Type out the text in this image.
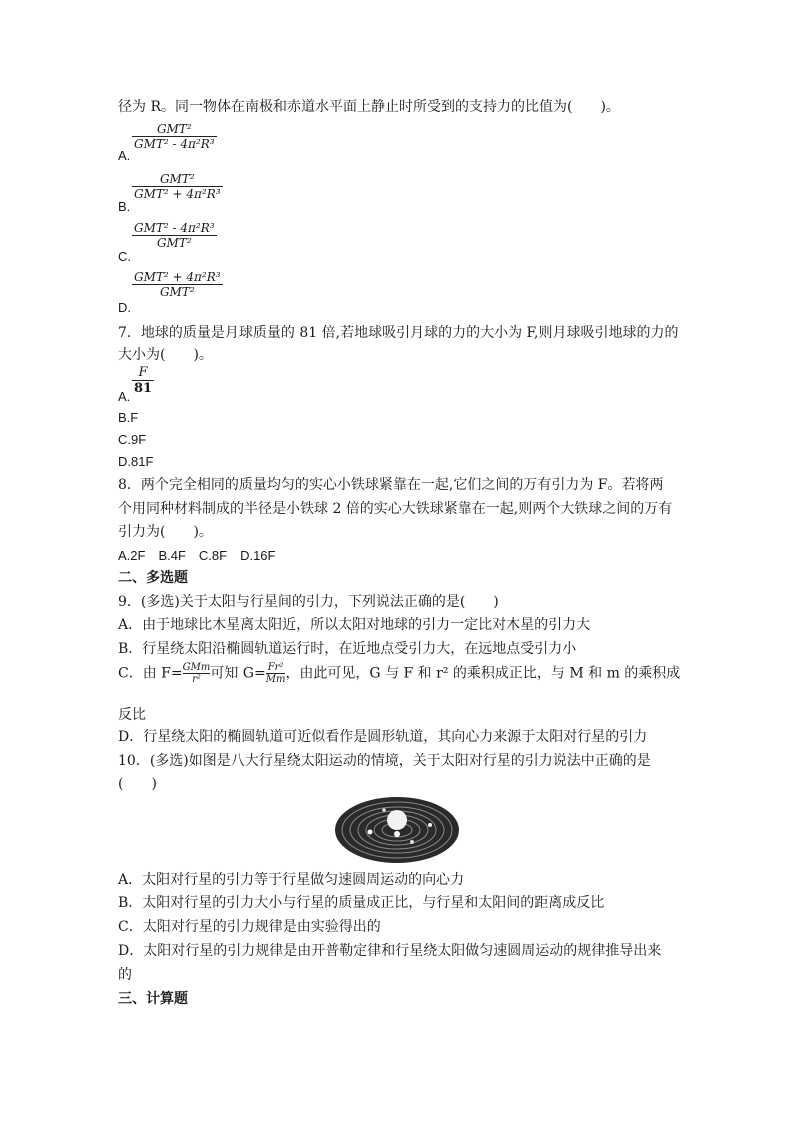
径为 R。同一物体在南极和赤道水平面上静止时所受到的支持力的比值为(　　)。
A.
GMT²
GMT² - 4π²R³
B.
GMT²
GMT² + 4π²R³
C.
GMT² - 4π²R³
GMT²
D.
GMT² + 4π²R³
GMT²
7．地球的质量是月球质量的 81 倍,若地球吸引月球的力的大小为 F,则月球吸引地球的力的
大小为(　　)。
A.
$\frac{F}{81}$
B.F
C.9F
D.81F
8．两个完全相同的质量均匀的实心小铁球紧靠在一起,它们之间的万有引力为 F。若将两
个用同种材料制成的半径是小铁球 2 倍的实心大铁球紧靠在一起,则两个大铁球之间的万有
引力为(　　)。
A.2F　B.4F　C.8F　D.16F
二、多选题
9．(多选)关于太阳与行星间的引力，下列说法正确的是(　　)
A．由于地球比木星离太阳近，所以太阳对地球的引力一定比对木星的引力大
B．行星绕太阳沿椭圆轨道运行时，在近地点受引力大，在远地点受引力小
C．由 $F= \frac{\text{GMm}}{\text{r²}}$ 可知 $G= \frac{\text{Fr²}}{Mm}$ ，由此可见，G 与 F 和 r² 的乘积成正比，与 M 和 m 的乘积成
反比
D．行星绕太阳的椭圆轨道可近似看作是圆形轨道，其向心力来源于太阳对行星的引力
10．(多选)如图是八大行星绕太阳运动的情境，关于太阳对行星的引力说法中正确的是
(　　)
A．太阳对行星的引力等于行星做匀速圆周运动的向心力
B．太阳对行星的引力大小与行星的质量成正比，与行星和太阳间的距离成反比
C．太阳对行星的引力规律是由实验得出的
D．太阳对行星的引力规律是由开普勒定律和行星绕太阳做匀速圆周运动的规律推导出来
的
三、计算题
